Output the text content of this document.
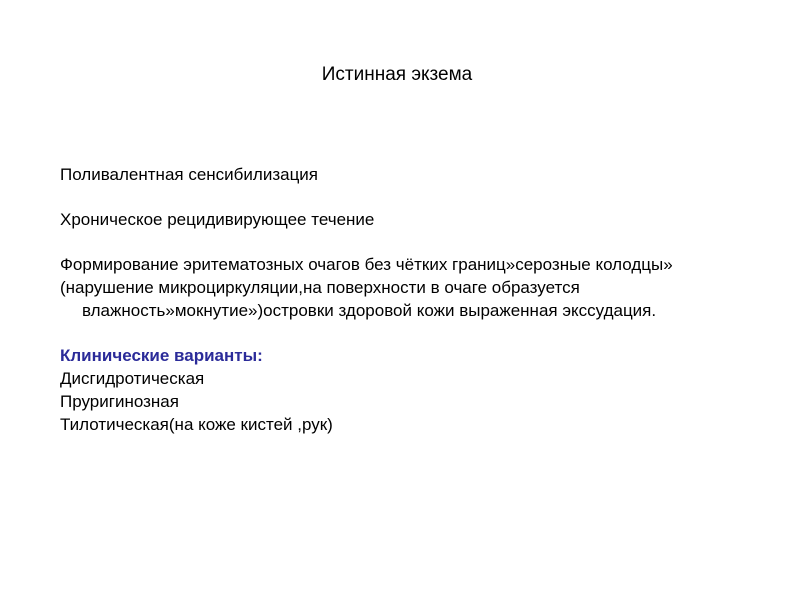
Истинная экзема

Поливалентная сенсибилизация

Хроническое рецидивирующее течение

Формирование эритематозных очагов без чётких границ»серозные колодцы»

(нарушение микроциркуляции,на поверхности в очаге образуется влажность»мокнутие»)островки здоровой кожи выраженная экссудация.

Клинические варианты:

Дисгидротическая

Пруригинозная

Тилотическая(на коже кистей ,рук)
